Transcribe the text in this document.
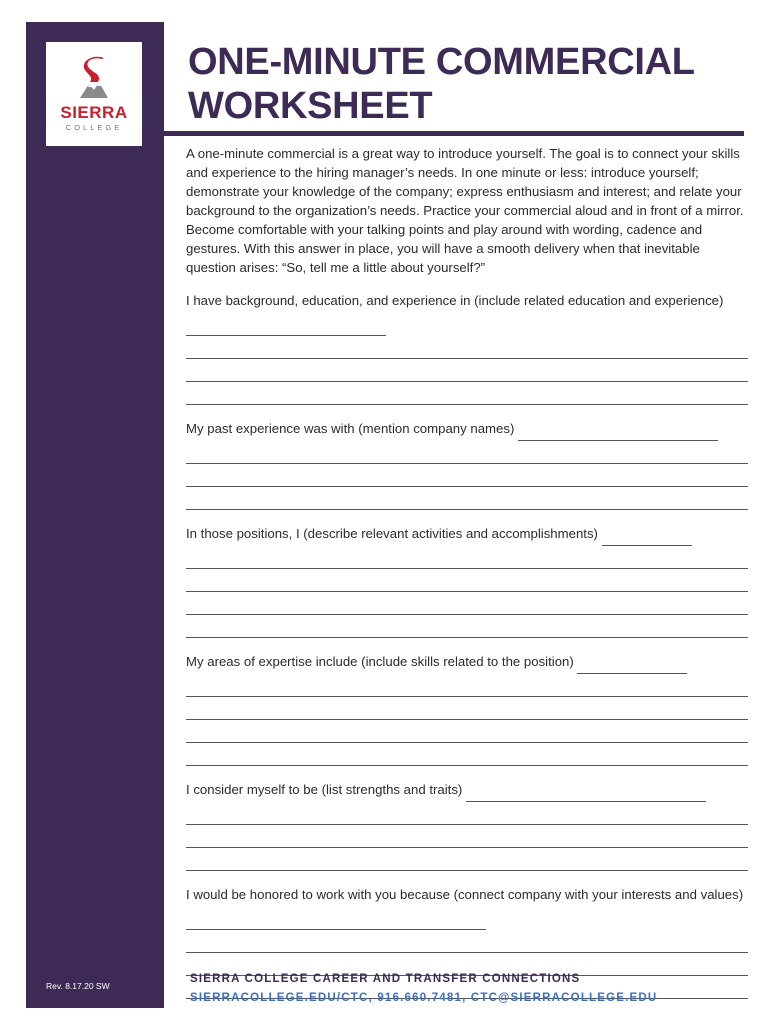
SIERRA
COLLEGE
Rev. 8.17.20 SW
ONE-MINUTE COMMERCIAL WORKSHEET

A one-minute commercial is a great way to introduce yourself. The goal is to connect your skills and experience to the hiring manager’s needs. In one minute or less: introduce yourself; demonstrate your knowledge of the company; express enthusiasm and interest; and relate your background to the organization’s needs. Practice your commercial aloud and in front of a mirror. Become comfortable with your talking points and play around with wording, cadence and gestures. With this answer in place, you will have a smooth delivery when that inevitable question arises: “So, tell me a little about yourself?”

I have background, education, and experience in (include related education and experience)
My past experience was with (mention company names)
In those positions, I (describe relevant activities and accomplishments)
My areas of expertise include (include skills related to the position)
I consider myself to be (list strengths and traits)
I would be honored to work with you because (connect company with your interests and values)
SIERRA COLLEGE CAREER AND TRANSFER CONNECTIONS
SIERRACOLLEGE.EDU/CTC, 916.660.7481, CTC@SIERRACOLLEGE.EDU
